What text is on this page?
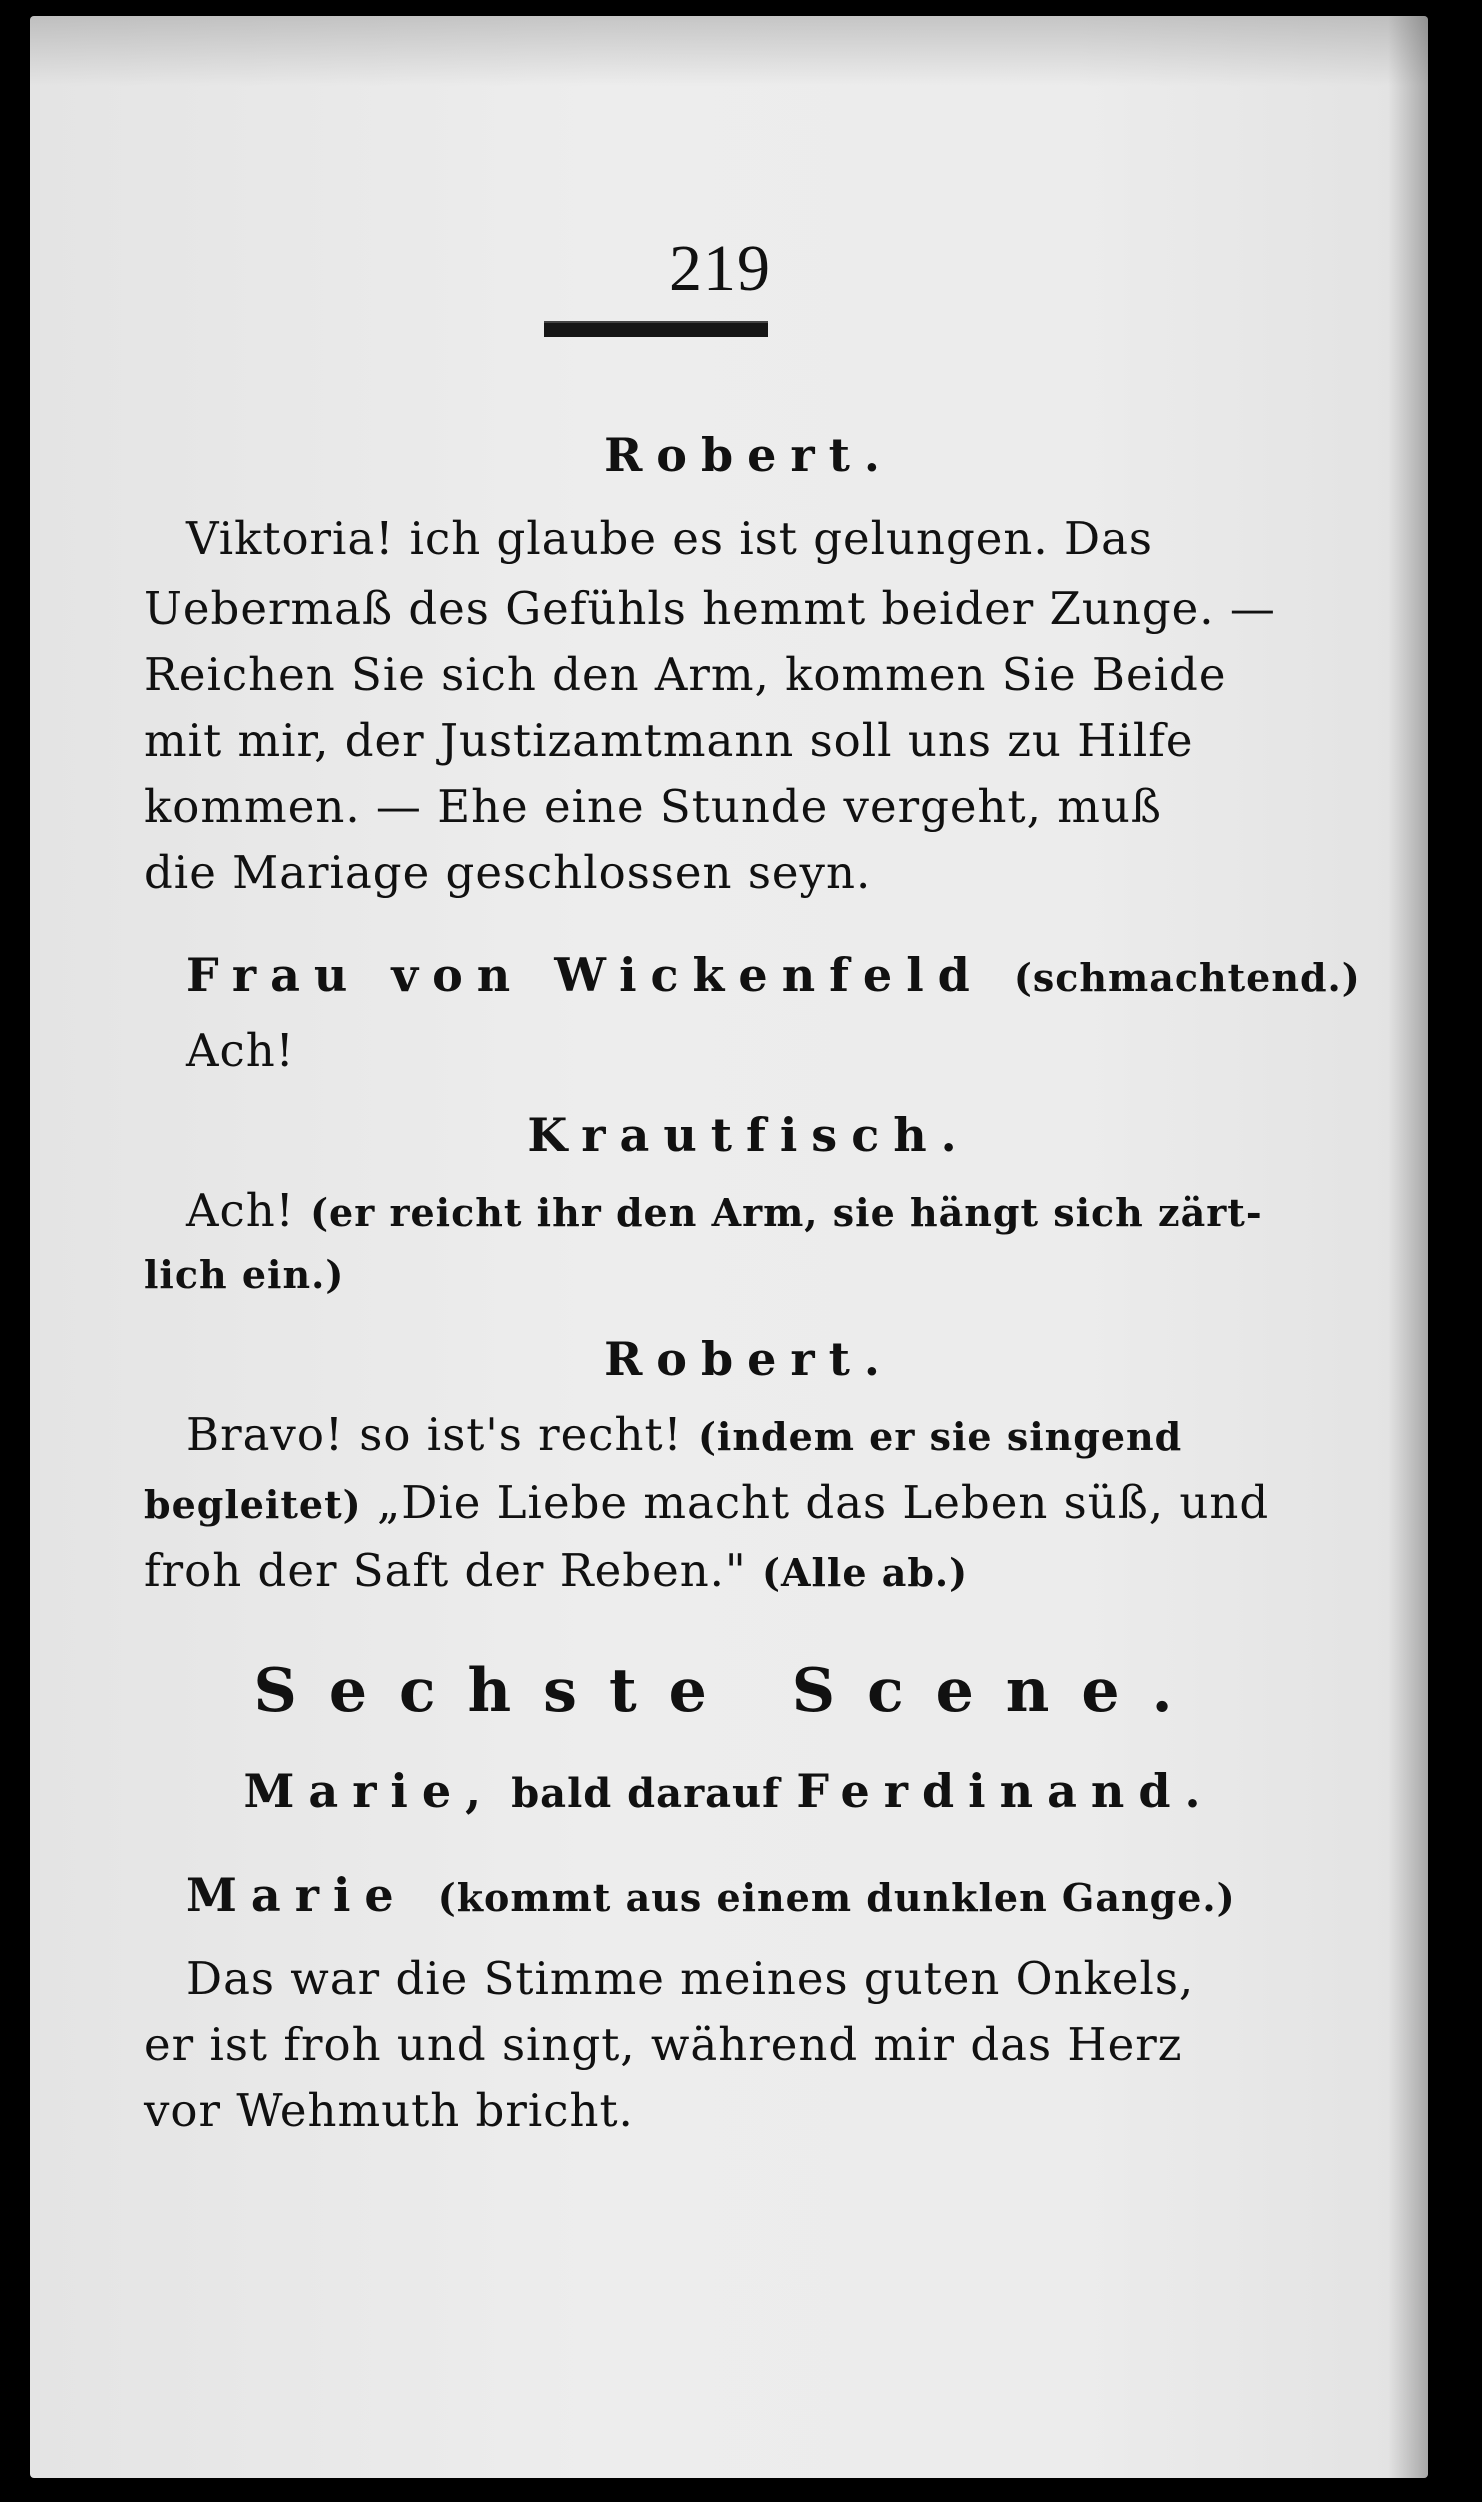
219
Robert.
Viktoria! ich glaube es ist gelungen. Das
Uebermaß des Gefühls hemmt beider Zunge. —
Reichen Sie sich den Arm, kommen Sie Beide
mit mir, der Justizamtmann soll uns zu Hilfe
kommen. — Ehe eine Stunde vergeht, muß
die Mariage geschlossen seyn.
Frau von Wickenfeld (schmachtend.)
Ach!
Krautfisch.
Ach! (er reicht ihr den Arm, sie hängt sich zärt-
lich ein.)
Robert.
Bravo! so ist's recht! (indem er sie singend
begleitet) „Die Liebe macht das Leben süß, und
froh der Saft der Reben." (Alle ab.)
Sechste Scene.
Marie, bald darauf Ferdinand.
Marie (kommt aus einem dunklen Gange.)
Das war die Stimme meines guten Onkels,
er ist froh und singt, während mir das Herz
vor Wehmuth bricht.
